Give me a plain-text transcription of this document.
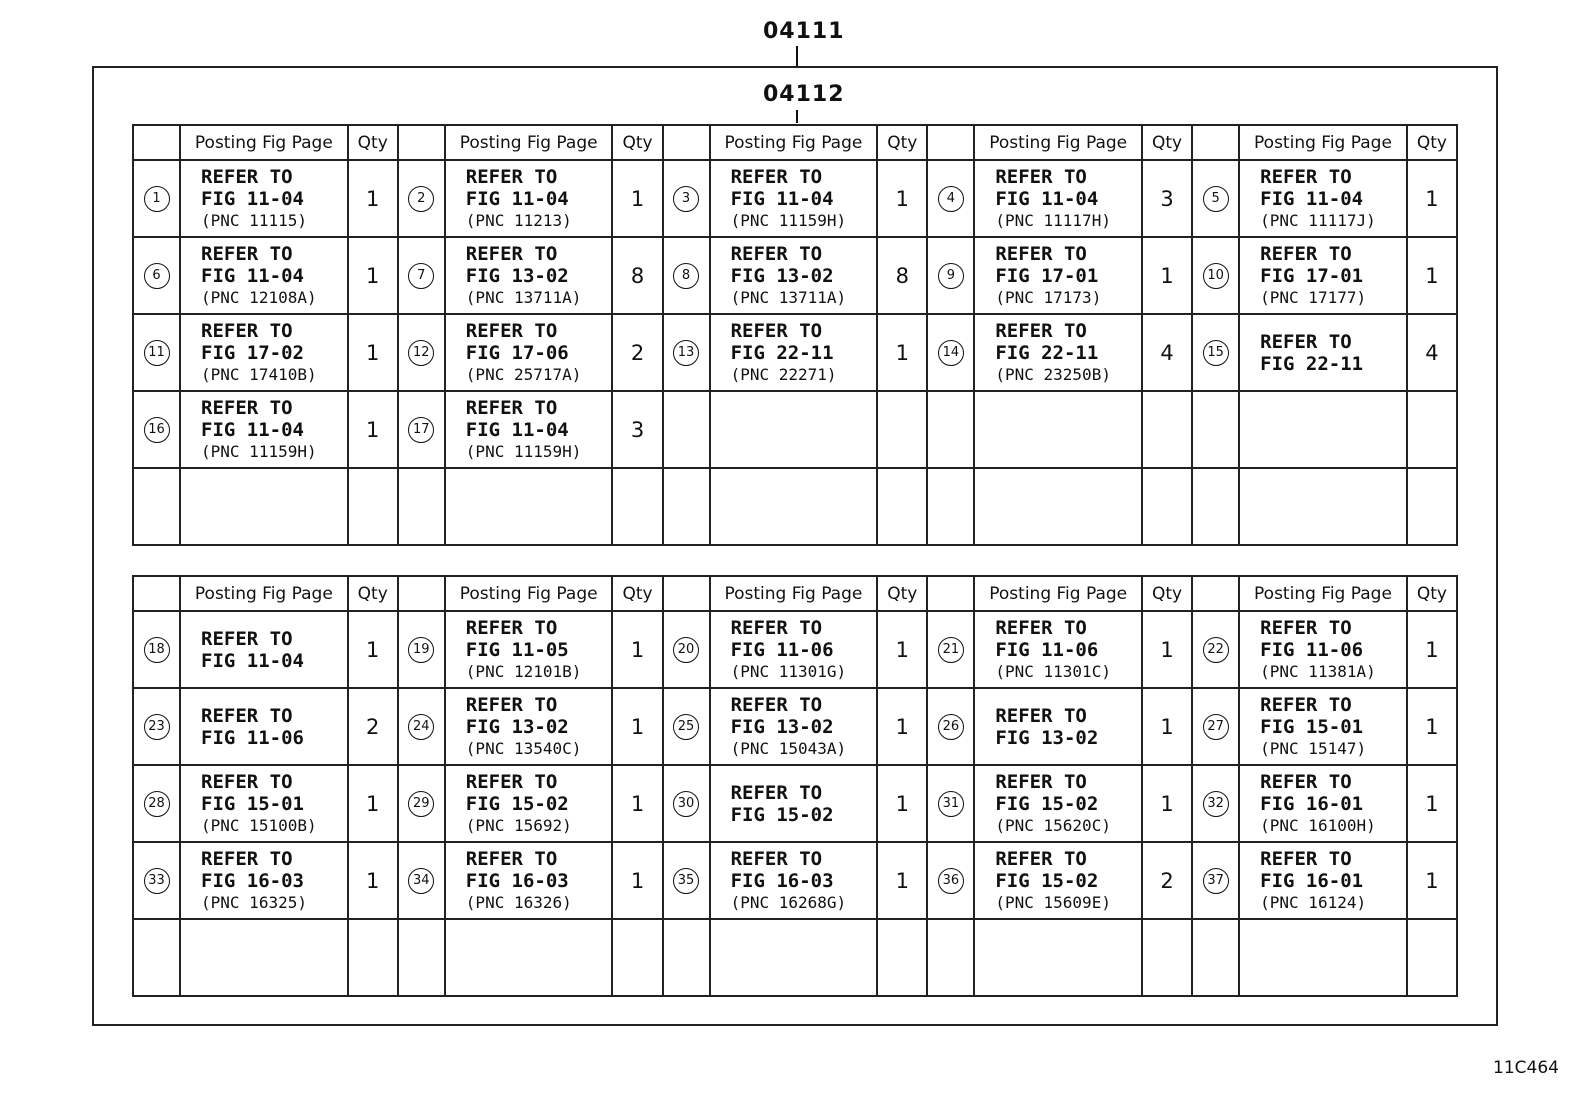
04111
04112
	Posting Fig Page	Qty		Posting Fig Page	Qty		Posting Fig Page	Qty		Posting Fig Page	Qty		Posting Fig Page	Qty
1	REFER TO
FIG 11-04
(PNC 11115)	1	2	REFER TO
FIG 11-04
(PNC 11213)	1	3	REFER TO
FIG 11-04
(PNC 11159H)	1	4	REFER TO
FIG 11-04
(PNC 11117H)	3	5	REFER TO
FIG 11-04
(PNC 11117J)	1
6	REFER TO
FIG 11-04
(PNC 12108A)	1	7	REFER TO
FIG 13-02
(PNC 13711A)	8	8	REFER TO
FIG 13-02
(PNC 13711A)	8	9	REFER TO
FIG 17-01
(PNC 17173)	1	10	REFER TO
FIG 17-01
(PNC 17177)	1
11	REFER TO
FIG 17-02
(PNC 17410B)	1	12	REFER TO
FIG 17-06
(PNC 25717A)	2	13	REFER TO
FIG 22-11
(PNC 22271)	1	14	REFER TO
FIG 22-11
(PNC 23250B)	4	15	REFER TO
FIG 22-11	4
16	REFER TO
FIG 11-04
(PNC 11159H)	1	17	REFER TO
FIG 11-04
(PNC 11159H)	3									

	Posting Fig Page	Qty		Posting Fig Page	Qty		Posting Fig Page	Qty		Posting Fig Page	Qty		Posting Fig Page	Qty
18	REFER TO
FIG 11-04	1	19	REFER TO
FIG 11-05
(PNC 12101B)	1	20	REFER TO
FIG 11-06
(PNC 11301G)	1	21	REFER TO
FIG 11-06
(PNC 11301C)	1	22	REFER TO
FIG 11-06
(PNC 11381A)	1
23	REFER TO
FIG 11-06	2	24	REFER TO
FIG 13-02
(PNC 13540C)	1	25	REFER TO
FIG 13-02
(PNC 15043A)	1	26	REFER TO
FIG 13-02	1	27	REFER TO
FIG 15-01
(PNC 15147)	1
28	REFER TO
FIG 15-01
(PNC 15100B)	1	29	REFER TO
FIG 15-02
(PNC 15692)	1	30	REFER TO
FIG 15-02	1	31	REFER TO
FIG 15-02
(PNC 15620C)	1	32	REFER TO
FIG 16-01
(PNC 16100H)	1
33	REFER TO
FIG 16-03
(PNC 16325)	1	34	REFER TO
FIG 16-03
(PNC 16326)	1	35	REFER TO
FIG 16-03
(PNC 16268G)	1	36	REFER TO
FIG 15-02
(PNC 15609E)	2	37	REFER TO
FIG 16-01
(PNC 16124)	1

11C464
